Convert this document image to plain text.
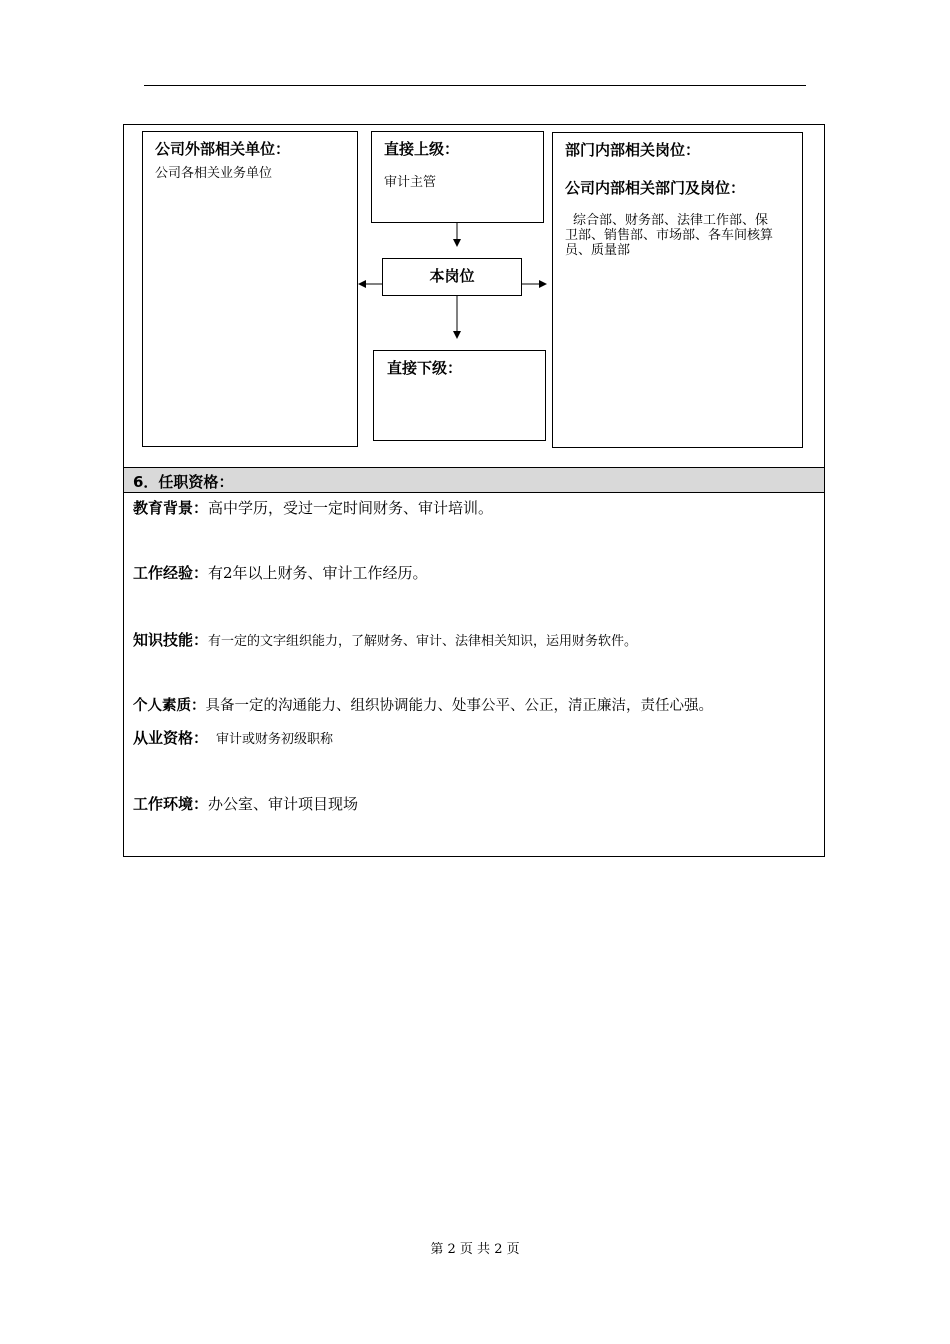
公司外部相关单位：
公司各相关业务单位
直接上级：
审计主管
本岗位
直接下级：
部门内部相关岗位：
公司内部相关部门及岗位：
综合部、财务部、法律工作部、保
卫部、销售部、市场部、各车间核算
员、质量部
6．任职资格：
教育背景：高中学历，受过一定时间财务、审计培训。
工作经验：有2年以上财务、审计工作经历。
知识技能：有一定的文字组织能力，了解财务、审计、法律相关知识，运用财务软件。
个人素质：具备一定的沟通能力、组织协调能力、处事公平、公正，清正廉洁，责任心强。
从业资格： 审计或财务初级职称
工作环境：办公室、审计项目现场
第 2 页 共 2 页
